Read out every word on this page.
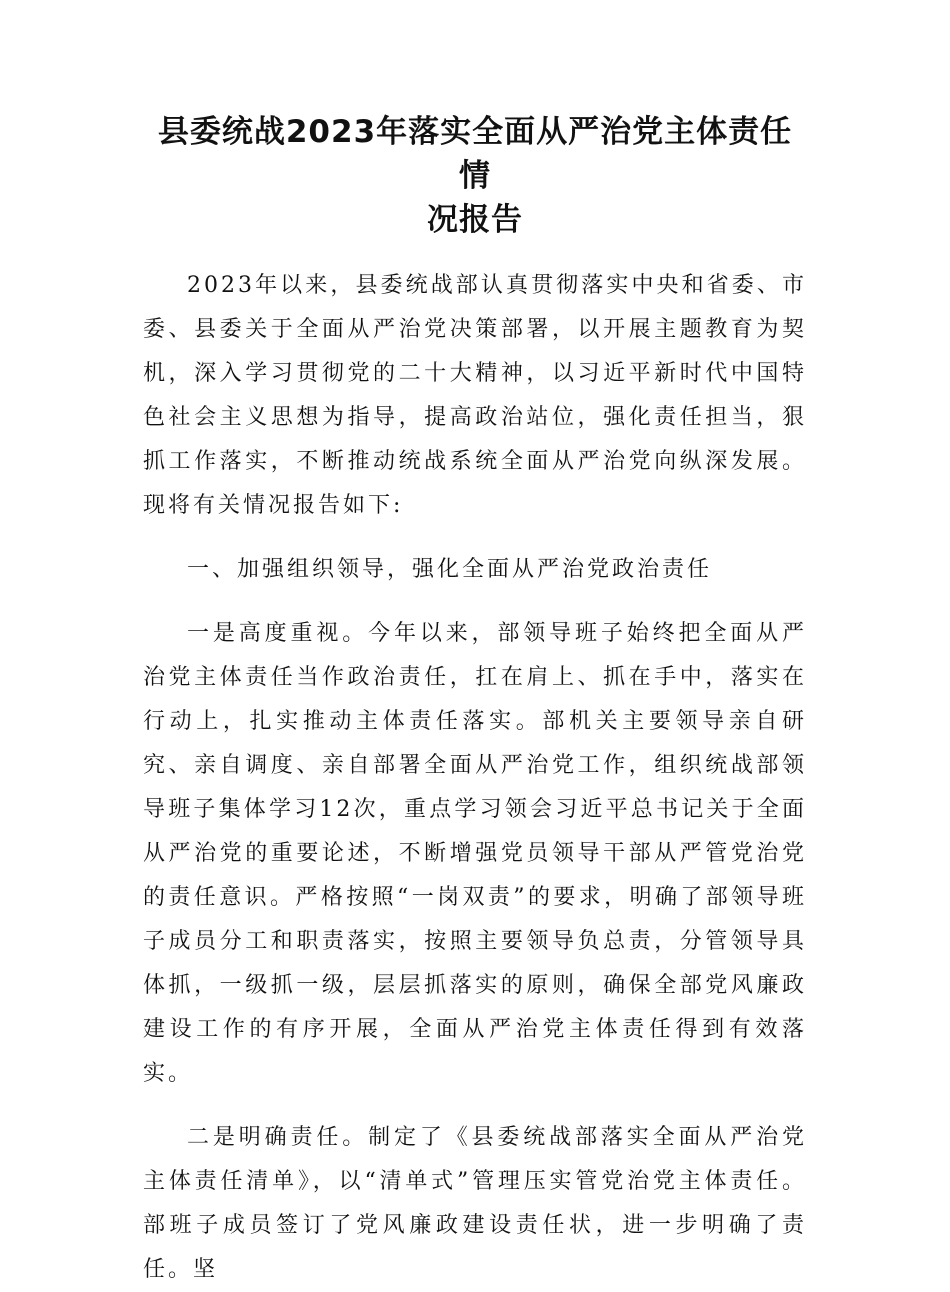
县委统战2023年落实全面从严治党主体责任情
况报告

2023年以来，县委统战部认真贯彻落实中央和省委、市委、县委关于全面从严治党决策部署，以开展主题教育为契机，深入学习贯彻党的二十大精神，以习近平新时代中国特色社会主义思想为指导，提高政治站位，强化责任担当，狠抓工作落实，不断推动统战系统全面从严治党向纵深发展。现将有关情况报告如下:

一、加强组织领导，强化全面从严治党政治责任

一是高度重视。今年以来，部领导班子始终把全面从严治党主体责任当作政治责任，扛在肩上、抓在手中，落实在行动上，扎实推动主体责任落实。部机关主要领导亲自研究、亲自调度、亲自部署全面从严治党工作，组织统战部领导班子集体学习12次，重点学习领会习近平总书记关于全面从严治党的重要论述，不断增强党员领导干部从严管党治党的责任意识。严格按照“一岗双责”的要求，明确了部领导班子成员分工和职责落实，按照主要领导负总责，分管领导具体抓，一级抓一级，层层抓落实的原则，确保全部党风廉政建设工作的有序开展，全面从严治党主体责任得到有效落实。

二是明确责任。制定了《县委统战部落实全面从严治党主体责任清单》，以“清单式”管理压实管党治党主体责任。部班子成员签订了党风廉政建设责任状，进一步明确了责任。坚
